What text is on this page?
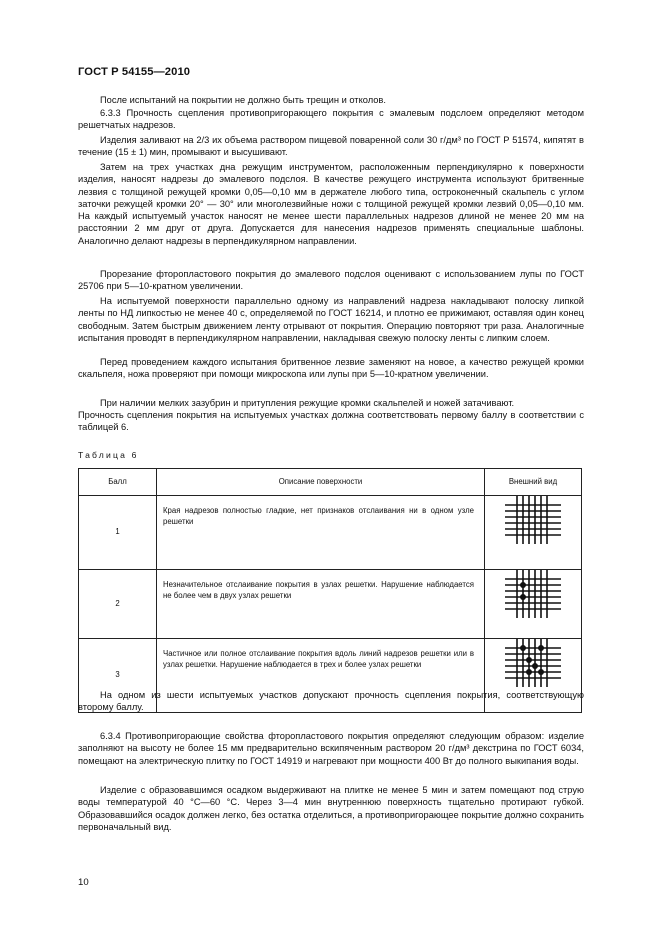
ГОСТ Р 54155—2010
После испытаний на покрытии не должно быть трещин и отколов.
6.3.3 Прочность сцепления противопригорающего покрытия с эмалевым подслоем определяют методом решетчатых надрезов.
Изделия заливают на 2/3 их объема раствором пищевой поваренной соли 30 г/дм³ по ГОСТ Р 51574, кипятят в течение (15 ± 1) мин, промывают и высушивают.
Затем на трех участках дна режущим инструментом, расположенным перпендикулярно к поверхности изделия, наносят надрезы до эмалевого подслоя. В качестве режущего инструмента используют бритвенные лезвия с толщиной режущей кромки 0,05—0,10 мм в держателе любого типа, остроконечный скальпель с углом заточки режущей кромки 20° — 30° или многолезвийные ножи с толщиной режущей кромки лезвий 0,05—0,10 мм. На каждый испытуемый участок наносят не менее шести параллельных надрезов длиной не менее 20 мм на расстоянии 2 мм друг от друга. Допускается для нанесения надрезов применять специальные шаблоны. Аналогично делают надрезы в перпендикулярном направлении.
Прорезание фторопластового покрытия до эмалевого подслоя оценивают с использованием лупы по ГОСТ 25706 при 5—10-кратном увеличении.
На испытуемой поверхности параллельно одному из направлений надреза накладывают полоску липкой ленты по НД липкостью не менее 40 с, определяемой по ГОСТ 16214, и плотно ее прижимают, оставляя один конец свободным. Затем быстрым движением ленту отрывают от покрытия. Операцию повторяют три раза. Аналогичные испытания проводят в перпендикулярном направлении, накладывая свежую полоску ленты с липким слоем.
Перед проведением каждого испытания бритвенное лезвие заменяют на новое, а качество режущей кромки скальпеля, ножа проверяют при помощи микроскопа или лупы при 5—10-кратном увеличении.
При наличии мелких зазубрин и притупления режущие кромки скальпелей и ножей затачивают.
Прочность сцепления покрытия на испытуемых участках должна соответствовать первому баллу в соответствии с таблицей 6.
Таблица 6
Балл	Описание поверхности	Внешний вид
1	Края надрезов полностью гладкие, нет признаков отслаивания ни в одном узле решетки	

2	Незначительное отслаивание покрытия в узлах решетки. Нарушение наблюдается не более чем в двух узлах решетки	

3	Частичное или полное отслаивание покрытия вдоль линий надрезов решетки или в узлах решетки. Нарушение наблюдается в трех и более узлах решетки	
На одном из шести испытуемых участков допускают прочность сцепления покрытия, соответствующую второму баллу.
6.3.4 Противопригорающие свойства фторопластового покрытия определяют следующим образом: изделие заполняют на высоту не более 15 мм предварительно вскипяченным раствором 20 г/дм³ декстрина по ГОСТ 6034, помещают на электрическую плитку по ГОСТ 14919 и нагревают при мощности 400 Вт до полного выкипания воды.
Изделие с образовавшимся осадком выдерживают на плитке не менее 5 мин и затем помещают под струю воды температурой 40 °С—60 °С. Через 3—4 мин внутреннюю поверхность тщательно протирают губкой. Образовавшийся осадок должен легко, без остатка отделиться, а противопригорающее покрытие должно сохранить первоначальный вид.
10
